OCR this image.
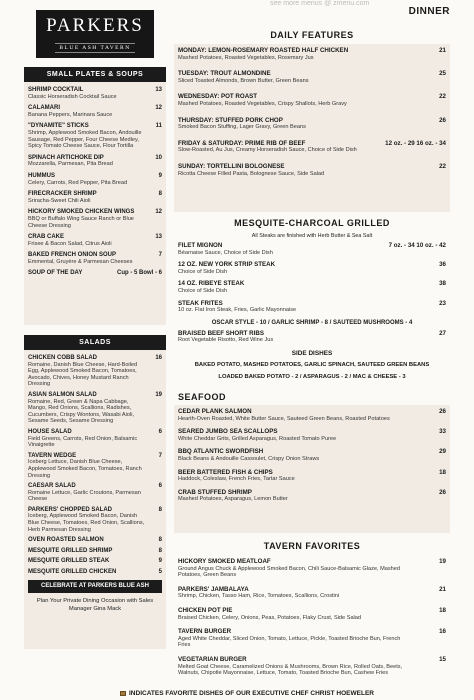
see more menus @ zmenu.com
DINNER
PARKERS
BLUE ASH TAVERN
SMALL PLATES & SOUPS
SHRIMP COCKTAIL	13
Classic Horseradish Cocktail Sauce
CALAMARI	12
Banana Peppers, Marinara Sauce
"DYNAMITE" STICKS	11
Shrimp, Applewood Smoked Bacon, Andouille Sausage, Red Pepper, Four Cheese Medley, Spicy Tomato Cheese Sauce, Flour Tortilla
SPINACH ARTICHOKE DIP	10
Mozzarella, Parmesan, Pita Bread
HUMMUS	9
Celery, Carrots, Red Pepper, Pita Bread
FIRECRACKER SHRIMP	8
Sriracha-Sweet Chili Aioli
HICKORY SMOKED CHICKEN WINGS	12
BBQ or Buffalo Wing Sauce Ranch or Blue Cheese Dressing
CRAB CAKE	13
Frisee & Bacon Salad, Citrus Aioli
BAKED FRENCH ONION SOUP	7
Emmental, Gruyère & Parmesan Cheeses
SOUP OF THE DAY	Cup - 5 Bowl - 6
SALADS
CHICKEN COBB SALAD	16
Romaine, Danish Blue Cheese, Hard-Boiled Egg, Applewood Smoked Bacon, Tomatoes, Avocado, Chives, Honey Mustard Ranch Dressing
ASIAN SALMON SALAD	19
Romaine, Red, Green & Napa Cabbage, Mango, Red Onions, Scallions, Radishes, Cucumbers, Crispy Wontons, Wasabi Aioli, Sesame Seeds, Sesame Dressing
HOUSE SALAD	6
Field Greens, Carrots, Red Onion, Balsamic Vinaigrette
TAVERN WEDGE	7
Iceberg Lettuce, Danish Blue Cheese, Applewood Smoked Bacon, Tomatoes, Ranch Dressing
CAESAR SALAD	6
Romaine Lettuce, Garlic Croutons, Parmesan Cheese
PARKERS' CHOPPED SALAD	8
Iceberg, Applewood Smoked Bacon, Danish Blue Cheese, Tomatoes, Red Onion, Scallions, Herb Parmesan Dressing
OVEN ROASTED SALMON	8
MESQUITE GRILLED SHRIMP	8
MESQUITE GRILLED STEAK	9
MESQUITE GRILLED CHICKEN	5
CELEBRATE AT PARKERS BLUE ASH
Plan Your Private Dining Occasion with Sales Manager Gina Mack
DAILY FEATURES
MONDAY: LEMON-ROSEMARY ROASTED HALF CHICKEN	21
Mashed Potatoes, Roasted Vegetables, Rosemary Jus
TUESDAY: TROUT ALMONDINE	25
Sliced Toasted Almonds, Brown Butter, Green Beans
WEDNESDAY: POT ROAST	22
Mashed Potatoes, Roasted Vegetables, Crispy Shallots, Herb Gravy
THURSDAY: STUFFED PORK CHOP	26
Smoked Bacon Stuffing, Lager Gravy, Green Beans
FRIDAY & SATURDAY: PRIME RIB OF BEEF	12 oz. - 29 16 oz. - 34
Slow-Roasted, Au Jus, Creamy Horseradish Sauce, Choice of Side Dish
SUNDAY: TORTELLINI BOLOGNESE	22
Ricotta Cheese Filled Pasta, Bolognese Sauce, Side Salad
MESQUITE-CHARCOAL GRILLED
All Steaks are finished with Herb Butter & Sea Salt
FILET MIGNON	7 oz. - 34 10 oz. - 42
Béarnaise Sauce, Choice of Side Dish
12 OZ. NEW YORK STRIP STEAK	36
Choice of Side Dish
14 OZ. RIBEYE STEAK	38
Choice of Side Dish
STEAK FRITES	23
10 oz. Flat Iron Steak, Fries, Garlic Mayonnaise
OSCAR STYLE - 10 / GARLIC SHRIMP - 8 / SAUTEED MUSHROOMS - 4
BRAISED BEEF SHORT RIBS	27
Root Vegetable Risotto, Red Wine Jus
SIDE DISHES
BAKED POTATO, MASHED POTATOES, GARLIC SPINACH, SAUTEED GREEN BEANS
LOADED BAKED POTATO - 2 / ASPARAGUS - 2 / MAC & CHEESE - 3
SEAFOOD
CEDAR PLANK SALMON	26
Hearth-Oven Roasted, White Butter Sauce, Sauteed Green Beans, Roasted Potatoes
SEARED JUMBO SEA SCALLOPS	33
White Cheddar Grits, Grilled Asparagus, Roasted Tomato Puree
BBQ ATLANTIC SWORDFISH	29
Black Beans & Andouille Cassoulet, Crispy Onion Straws
BEER BATTERED FISH & CHIPS	18
Haddock, Coleslaw, French Fries, Tartar Sauce
CRAB STUFFED SHRIMP	26
Mashed Potatoes, Asparagus, Lemon Butter
TAVERN FAVORITES
HICKORY SMOKED MEATLOAF	19
Ground Angus Chuck & Applewood Smoked Bacon, Chili Sauce-Balsamic Glaze, Mashed Potatoes, Green Beans
PARKERS' JAMBALAYA	21
Shrimp, Chicken, Tasso Ham, Rice, Tomatoes, Scallions, Crostini
CHICKEN POT PIE	18
Braised Chicken, Celery, Onions, Peas, Potatoes, Flaky Crust, Side Salad
TAVERN BURGER	16
Aged White Cheddar, Sliced Onion, Tomato, Lettuce, Pickle, Toasted Brioche Bun, French Fries
VEGETARIAN BURGER	15
Melted Goat Cheese, Caramelized Onions & Mushrooms, Brown Rice, Rolled Oats, Beets, Walnuts, Chipotle Mayonnaise, Lettuce, Tomato, Toasted Brioche Bun, Cashew Fries
INDICATES FAVORITE DISHES OF OUR EXECUTIVE CHEF CHRIST HOEWELER
